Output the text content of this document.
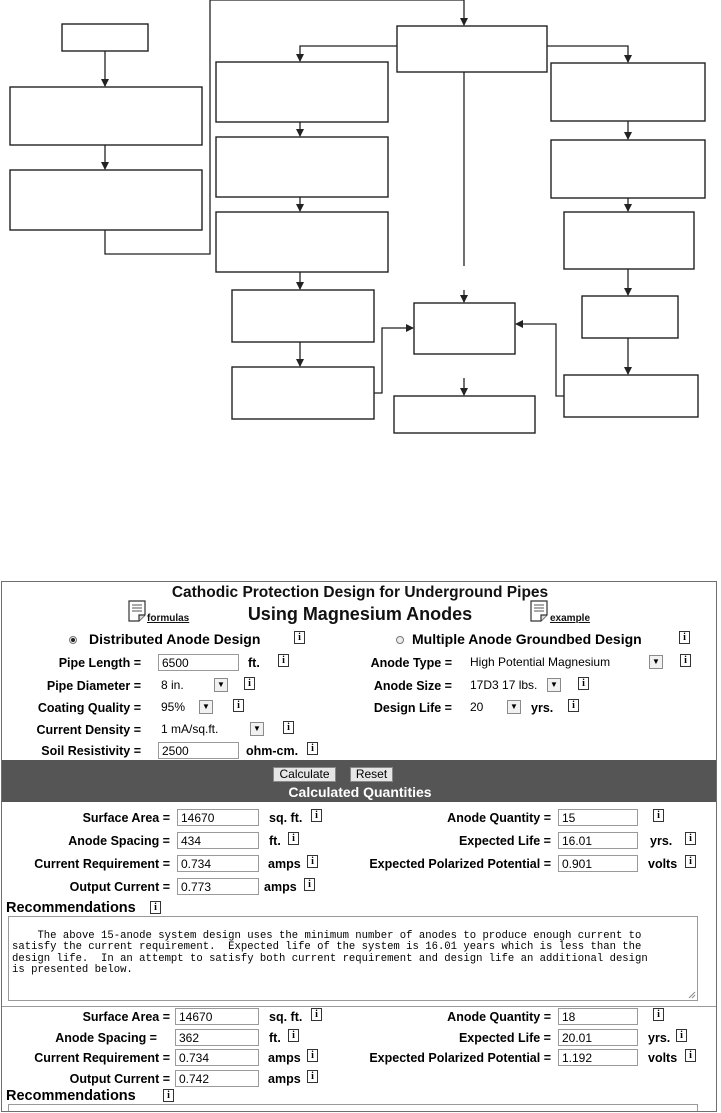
Cathodic Protection Design for Underground Pipes
Using Magnesium Anodes
formulas	example
Distributed Anode Design	i	Multiple Anode Groundbed Design	i
Pipe Length =
6500	ft.	i
Pipe Diameter = 8 in.	▼	i
Coating Quality = 95%	▼	i
Current Density = 1 mA/sq.ft.	▼	i
Soil Resistivity =
2500	ohm-cm.	i
Anode Type = High Potential Magnesium	▼	i
Anode Size = 17D3 17 lbs.	▼	i
Design Life = 20	▼ yrs.	i
Calculate	Reset
Calculated Quantities
Surface Area =
14670	sq. ft.	i
Anode Spacing =
434	ft.	i
Current Requirement =
0.734	amps	i
Output Current =
0.773	amps	i
Anode Quantity =
15	i
Expected Life =
16.01	yrs.	i
Expected Polarized Potential =
0.901	volts	i
Recommendations	i

The above 15-anode system design uses the minimum number of anodes to produce enough current to
satisfy the current requirement.  Expected life of the system is 16.01 years which is less than the
design life.  In an attempt to satisfy both current requirement and design life an additional design
is presented below.

Surface Area =
14670	sq. ft.	i
Anode Spacing =
362	ft.	i
Current Requirement =
0.734	amps	i
Output Current =
0.742	amps	i
Anode Quantity =
18	i
Expected Life =
20.01	yrs. i
Expected Polarized Potential =
1.192	volts	i
Recommendations	i
